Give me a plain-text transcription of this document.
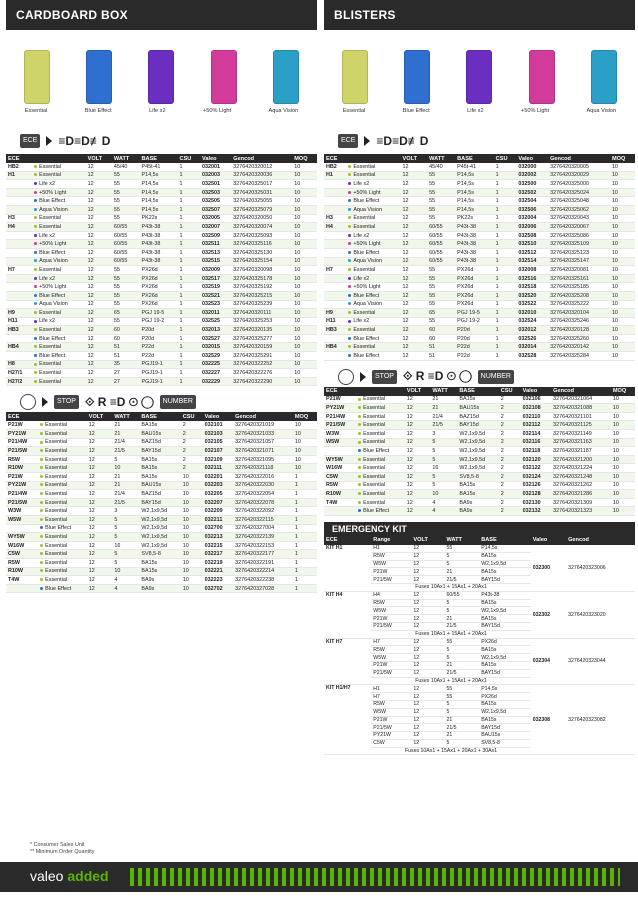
CARDBOARD BOX
Essential	Blue Effect	Life x2	+50% Light	Aqua Vision
ECE ≡D≡D≢D
ECE		VOLT	WATT	BASE	CSU	Valeo	Gencod	MOQ
HB2	Essential	12	45/40	P45t-41	1	032001	3276420320012	10
H1	Essential	12	55	P14,5s	1	032003	3276420320036	10
	Life x2	12	55	P14,5s	1	032501	3276420325017	10
	+50% Light	12	55	P14,5s	1	032503	3276420325031	10
	Blue Effect	12	55	P14,5s	1	032505	3276420325055	10
	Aqua Vision	12	55	P14,5s	1	032507	3276420325079	10
H3	Essential	12	55	PK22s	1	032005	3276420320050	10
H4	Essential	12	60/55	P43t-38	1	032007	3276420320074	10
	Life x2	12	60/55	P43t-38	1	032509	3276420325093	10
	+50% Light	12	60/55	P43t-38	1	032511	3276420325116	10
	Blue Effect	12	60/55	P43t-38	1	032513	3276420325130	10
	Aqua Vision	12	60/55	P43t-38	1	032515	3276420325154	10
H7	Essential	12	55	PX26d	1	032009	3276420320098	10
	Life x2	12	55	PX26d	1	032517	3276420325178	10
	+50% Light	12	55	PX26d	1	032519	3276420325192	10
	Blue Effect	12	55	PX26d	1	032521	3276420325215	10
	Aqua Vision	12	55	PX26d	1	032523	3276420325239	10
H9	Essential	12	65	PGJ 19-5	1	032011	3276420320111	10
H11	Life x2	12	55	PGJ 19-2	1	032525	3276420325253	10
HB3	Essential	12	60	P20d	1	032013	3276420320135	10
	Blue Effect	12	60	P20d	1	032527	3276420325277	10
HB4	Essential	12	51	P22d	1	032015	3276420320159	10
	Blue Effect	12	51	P22d	1	032529	3276420325291	10
H8	Essential	12	35	PGJ19-1	1	032225	3276420322252	10
H27/1	Essential	12	27	PGJ19-1	1	032227	3276420322276	10
H27/2	Essential	12	27	PGJ19-1	1	032229	3276420322290	10
STOP ⟐ R ≡D ⊙ ◯	NUMBER
ECE		VOLT	WATT	BASE	CSU	Valeo	Gencod	MOQ
P21W	Essential	12	21	BA15s	2	032101	3276420321019	10
PY21W	Essential	12	21	BAU15s	2	032103	3276420321033	10
P21/4W	Essential	12	21/4	BAZ15d	2	032105	3276420321057	10
P21/5W	Essential	12	21/5	BAY15d	2	032107	3276420321071	10
R5W	Essential	12	5	BA15s	2	032109	3276420321095	10
R10W	Essential	12	10	BA15s	2	032111	3276420321118	10
P21W	Essential	12	21	BA15s	10	032201	3276420322016	1
PY21W	Essential	12	21	BAU15s	10	032203	3276420322030	1
P21/4W	Essential	12	21/4	BAZ15d	10	032205	3276420322054	1
P21/5W	Essential	12	21/5	BAY15d	10	032207	3276420322078	1
W3W	Essential	12	3	W2,1x9,5d	10	032209	3276420322092	1
W5W	Essential	12	5	W2,1x9,5d	10	032211	3276420322115	1
	Blue Effect	12	5	W2,1x9,5d	10	032700	3276420327004	1
WY5W	Essential	12	5	W2,1x9,5d	10	032213	3276420322139	1
W16W	Essential	12	16	W2,1x9,5d	10	032215	3276420322153	1
C5W	Essential	12	5	SV8,5-8	10	032217	3276420322177	1
R5W	Essential	12	5	BA15s	10	032219	3276420322191	1
R10W	Essential	12	10	BA15s	10	032221	3276420322214	1
T4W	Essential	12	4	BA9s	10	032223	3276420322238	1
	Blue Effect	12	4	BA9s	10	032702	3276420327028	1
BLISTERS
Essential	Blue Effect	Life x2	+50% Light	Aqua Vision
ECE ≡D≡D≢D
ECE		VOLT	WATT	BASE	CSU	Valeo	Gencod	MOQ
HB2	Essential	12	45/40	P45t-41	1	032000	3276420320005	10
H1	Essential	12	55	P14,5s	1	032002	3276420320029	10
	Life x2	12	55	P14,5s	1	032500	3276420325000	10
	+50% Light	12	55	P14,5s	1	032502	3276420325024	10
	Blue Effect	12	55	P14,5s	1	032504	3276420325048	10
	Aqua Vision	12	55	P14,5s	1	032506	3276420325062	10
H3	Essential	12	55	PK22s	1	032004	3276420320043	10
H4	Essential	12	60/55	P43t-38	1	032006	3276420320067	10
	Life x2	12	60/55	P43t-38	1	032508	3276420325086	10
	+50% Light	12	60/55	P43t-38	1	032510	3276420325109	10
	Blue Effect	12	60/55	P43t-38	1	032512	3276420325123	10
	Aqua Vision	12	60/55	P43t-38	1	032514	3276420325147	10
H7	Essential	12	55	PX26d	1	032008	3276420320081	10
	Life x2	12	55	PX26d	1	032516	3276420325161	10
	+50% Light	12	55	PX26d	1	032518	3276420325185	10
	Blue Effect	12	55	PX26d	1	032520	3276420325208	10
	Aqua Vision	12	55	PX26d	1	032522	3276420325222	10
H9	Essential	12	65	PGJ 19-5	1	032010	3276420320104	10
H11	Life x2	12	55	PGJ 19-2	1	032524	3276420325246	10
HB3	Essential	12	60	P20d	1	032012	3276420320128	10
	Blue Effect	12	60	P20d	1	032526	3276420325260	10
HB4	Essential	12	51	P22d	1	032014	3276420320142	10
	Blue Effect	12	51	P22d	1	032528	3276420325284	10
STOP ⟐ R ≡D ⊙ ◯	NUMBER
ECE		VOLT	WATT	BASE	CSU	Valeo	Gencod	MOQ
P21W	Essential	12	21	BA15s	2	032106	3276420321064	10
PY21W	Essential	12	21	BAU15s	2	032108	3276420321088	10
P21/4W	Essential	12	21/4	BAZ15d	2	032110	3276420321101	10
P21/5W	Essential	12	21/5	BAY15d	2	032112	3276420321125	10
W3W	Essential	12	3	W2,1x9,5d	2	032114	3276420321149	10
W5W	Essential	12	5	W2,1x9,5d	2	032116	3276420321163	10
	Blue Effect	12	5	W2,1x9,5d	2	032118	3276420321187	10
WY5W	Essential	12	5	W2,1x9,5d	2	032120	3276420321200	10
W16W	Essential	12	16	W2,1x9,5d	2	032122	3276420321224	10
C5W	Essential	12	5	SV8,5-8	2	032124	3276420321248	10
R5W	Essential	12	5	BA15s	2	032126	3276420321262	10
R10W	Essential	12	10	BA15s	2	032128	3276420321286	10
T4W	Essential	12	4	BA9s	2	032130	3276420321309	10
	Blue Effect	12	4	BA9s	2	032132	3276420321323	10
EMERGENCY KIT
ECE	Range	VOLT	WATT	BASE	Valeo	Gencod
KIT H1	H1	12	55	P14,5s	032300	3276420323006
	R5W	12	5	BA15s		
	W5W	12	5	W2,1x9,5d		
	P21W	12	21	BA15s		
	P21/5W	12	21/5	BAY15d		
	Fuses 10Ax1 + 15Ax1 + 20Ax1					
KIT H4	H4	12	60/55	P43t-38	032302	3276420323020
	R5W	12	5	BA15s		
	W5W	12	5	W2,1x9,5d		
	P21W	12	21	BA15s		
	P21/5W	12	21/5	BAY15d		
	Fuses 10Ax1 + 15Ax1 + 20Ax1					
KIT H7	H7	12	55	PX26d	032304	3276420323044
	R5W	12	5	BA15s		
	W5W	12	5	W2,1x9,5d		
	P21W	12	21	BA15s		
	P21/5W	12	21/5	BAY15d		
	Fuses 10Ax1 + 15Ax1 + 20Ax1					
KIT H1/H7	H1	12	55	P14,5s	032308	3276420323082
	H7	12	55	PX26d		
	R5W	12	5	BA15s		
	W5W	12	5	W2,1x9,5d		
	P21W	12	21	BA15s		
	P21/5W	12	21/5	BAY15d		
	PY21W	12	21	BAU15s		
	C5W	12	5	SV8,5-8		
	Fuses 10Ax1 + 15Ax1 + 20Ax1 + 30Ax1					
* Consumer Sales Unit
** Minimum Order Quantity
valeo added
